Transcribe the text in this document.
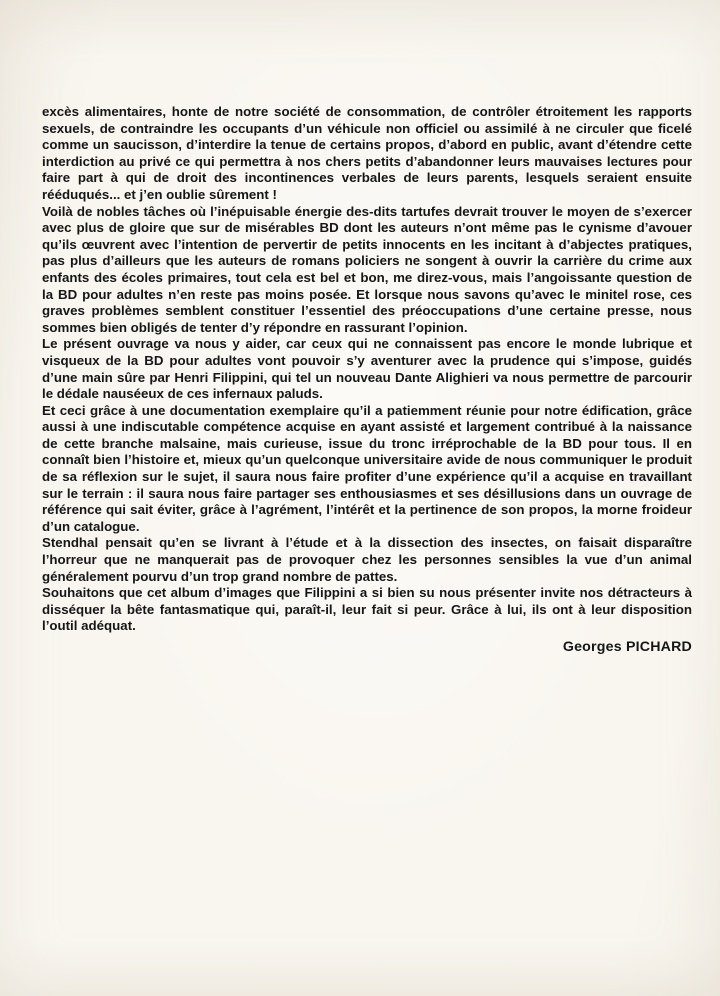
excès alimentaires, honte de notre société de consommation, de contrôler étroitement les rapports sexuels, de contraindre les occupants d’un véhicule non officiel ou assimilé à ne circuler que ficelé comme un saucisson, d’interdire la tenue de certains propos, d’abord en public, avant d’étendre cette interdiction au privé ce qui permettra à nos chers petits d’abandonner leurs mauvaises lectures pour faire part à qui de droit des incontinences verbales de leurs parents, lesquels seraient ensuite rééduqués... et j’en oublie sûrement !

Voilà de nobles tâches où l’inépuisable énergie des-dits tartufes devrait trouver le moyen de s’exercer avec plus de gloire que sur de misérables BD dont les auteurs n’ont même pas le cynisme d’avouer qu’ils œuvrent avec l’intention de pervertir de petits innocents en les incitant à d’abjectes pratiques, pas plus d’ailleurs que les auteurs de romans policiers ne songent à ouvrir la carrière du crime aux enfants des écoles primaires, tout cela est bel et bon, me direz-vous, mais l’angoissante question de la BD pour adultes n’en reste pas moins posée. Et lorsque nous savons qu’avec le minitel rose, ces graves problèmes semblent constituer l’essentiel des préoccupations d’une certaine presse, nous sommes bien obligés de tenter d’y répondre en rassurant l’opinion.

Le présent ouvrage va nous y aider, car ceux qui ne connaissent pas encore le monde lubrique et visqueux de la BD pour adultes vont pouvoir s’y aventurer avec la prudence qui s’impose, guidés d’une main sûre par Henri Filippini, qui tel un nouveau Dante Alighieri va nous permettre de parcourir le dédale nauséeux de ces infernaux paluds.

Et ceci grâce à une documentation exemplaire qu’il a patiemment réunie pour notre édification, grâce aussi à une indiscutable compétence acquise en ayant assisté et largement contribué à la naissance de cette branche malsaine, mais curieuse, issue du tronc irréprochable de la BD pour tous. Il en connaît bien l’histoire et, mieux qu’un quelconque universitaire avide de nous communiquer le produit de sa réflexion sur le sujet, il saura nous faire profiter d’une expérience qu’il a acquise en travaillant sur le terrain : il saura nous faire partager ses enthousiasmes et ses désillusions dans un ouvrage de référence qui sait éviter, grâce à l’agrément, l’intérêt et la pertinence de son propos, la morne froideur d’un catalogue.

Stendhal pensait qu’en se livrant à l’étude et à la dissection des insectes, on faisait disparaître l’horreur que ne manquerait pas de provoquer chez les personnes sensibles la vue d’un animal généralement pourvu d’un trop grand nombre de pattes.

Souhaitons que cet album d’images que Filippini a si bien su nous présenter invite nos détracteurs à disséquer la bête fantasmatique qui, paraît-il, leur fait si peur. Grâce à lui, ils ont à leur disposition l’outil adéquat.

Georges PICHARD
